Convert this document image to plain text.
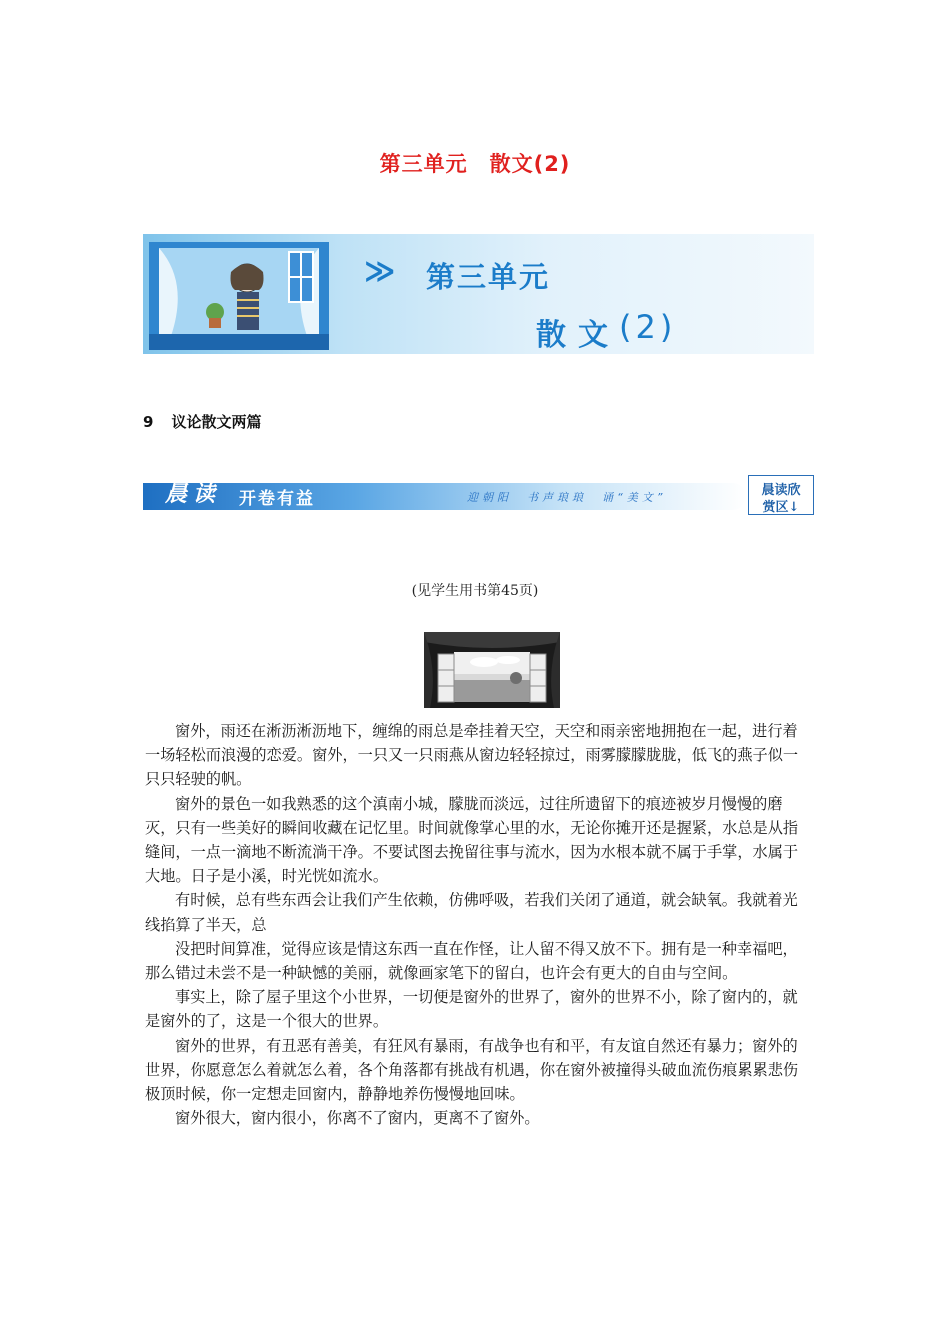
第三单元　散文(2)
≫ 第三单元
散文 (2)
9 议论散文两篇
晨读 开卷有益	迎朝阳　书声琅琅　诵“美文”	晨读欣
赏区↓
(见学生用书第45页)

窗外，雨还在淅沥淅沥地下，缠绵的雨总是牵挂着天空，天空和雨亲密地拥抱在一起，进行着一场轻松而浪漫的恋爱。窗外，一只又一只雨燕从窗边轻轻掠过，雨雾朦朦胧胧，低飞的燕子似一只只轻驶的帆。

窗外的景色一如我熟悉的这个滇南小城，朦胧而淡远，过往所遗留下的痕迹被岁月慢慢的磨灭，只有一些美好的瞬间收藏在记忆里。时间就像掌心里的水，无论你摊开还是握紧，水总是从指缝间，一点一滴地不断流淌干净。不要试图去挽留往事与流水，因为水根本就不属于手掌，水属于大地。日子是小溪，时光恍如流水。

有时候，总有些东西会让我们产生依赖，仿佛呼吸，若我们关闭了通道，就会缺氧。我就着光线掐算了半天，总

没把时间算准，觉得应该是情这东西一直在作怪，让人留不得又放不下。拥有是一种幸福吧，那么错过未尝不是一种缺憾的美丽，就像画家笔下的留白，也许会有更大的自由与空间。

事实上，除了屋子里这个小世界，一切便是窗外的世界了，窗外的世界不小，除了窗内的，就是窗外的了，这是一个很大的世界。

窗外的世界，有丑恶有善美，有狂风有暴雨，有战争也有和平，有友谊自然还有暴力；窗外的世界，你愿意怎么着就怎么着，各个角落都有挑战有机遇，你在窗外被撞得头破血流伤痕累累悲伤极顶时候，你一定想走回窗内，静静地养伤慢慢地回味。

窗外很大，窗内很小，你离不了窗内，更离不了窗外。
